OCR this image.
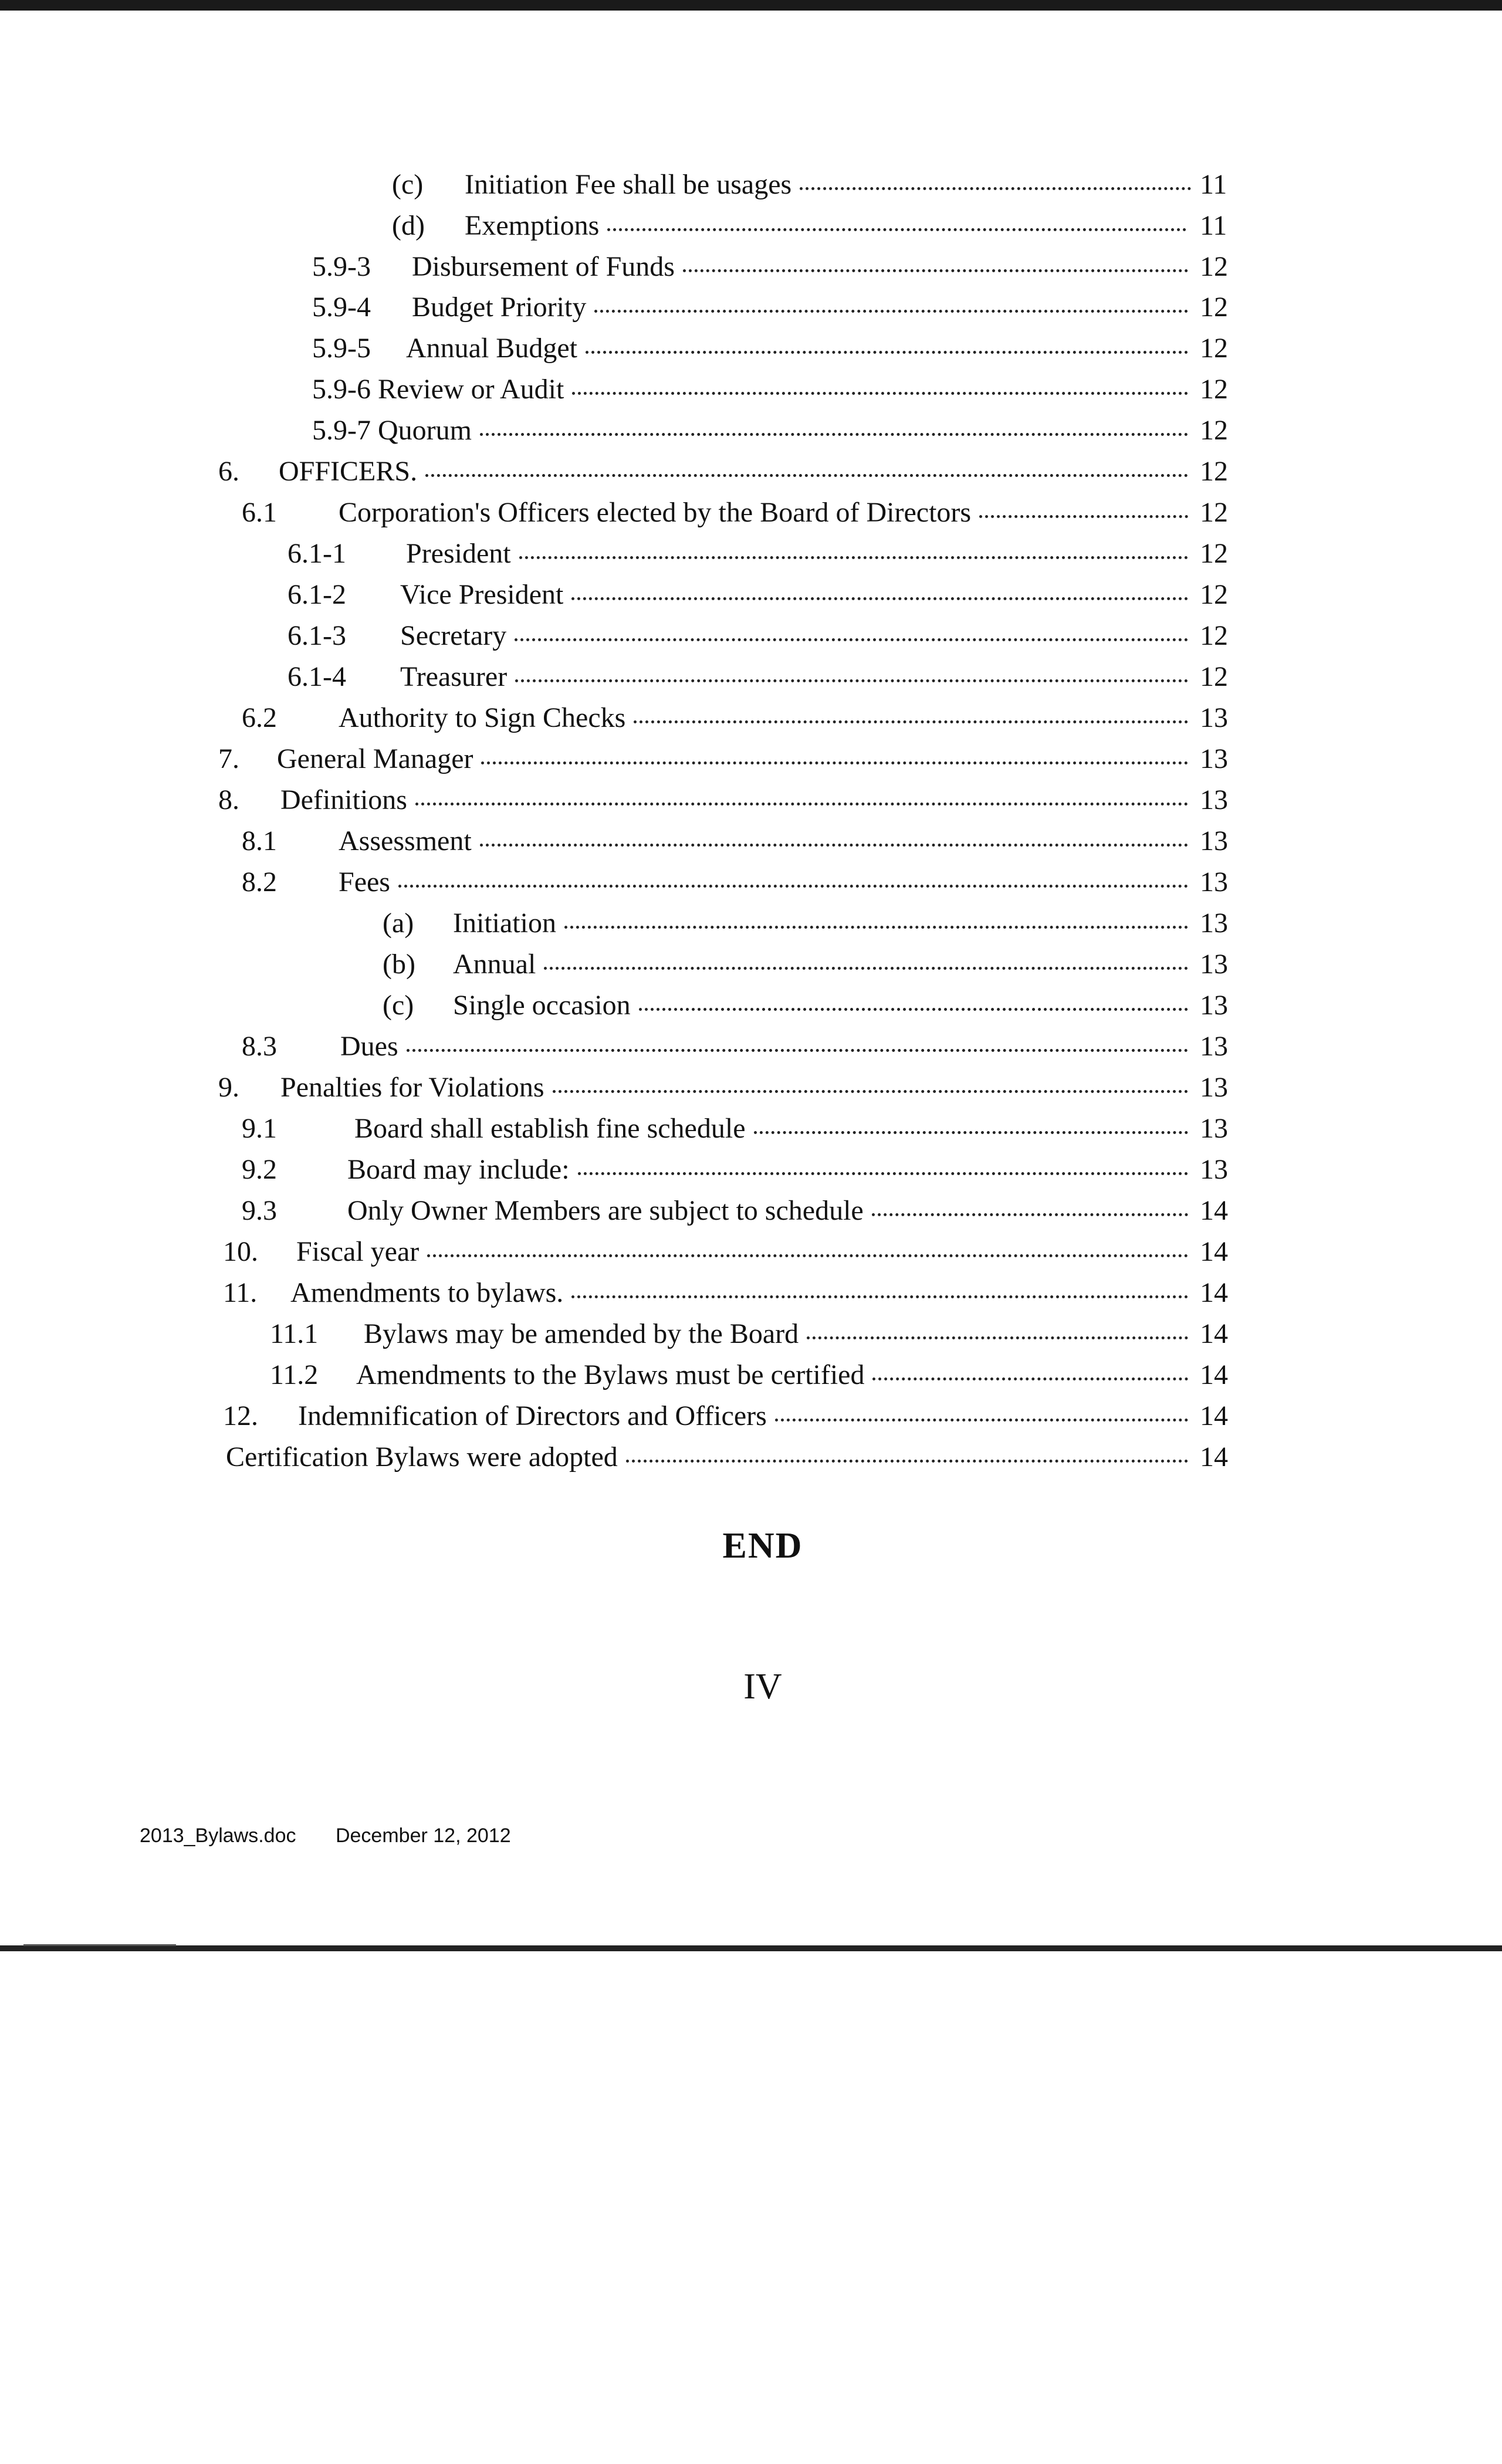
(c) Initiation Fee shall be usages	11
(d) Exemptions	11
5.9-3 Disbursement of Funds	12
5.9-4 Budget Priority	12
5.9-5 Annual Budget	12
5.9-6 Review or Audit	12
5.9-7 Quorum	12
6. OFFICERS.	12
6.1 Corporation's Officers elected by the Board of Directors	12
6.1-1 President	12
6.1-2 Vice President	12
6.1-3 Secretary	12
6.1-4 Treasurer	12
6.2 Authority to Sign Checks	13
7. General Manager	13
8. Definitions	13
8.1 Assessment	13
8.2 Fees	13
(a) Initiation	13
(b) Annual	13
(c) Single occasion	13
8.3 Dues	13
9. Penalties for Violations	13
9.1	Board shall establish fine schedule	13
9.2	Board may include:	13
9.3	Only Owner Members are subject to schedule	14
10. Fiscal year	14
11. Amendments to bylaws.	14
11.1 Bylaws may be amended by the Board	14
11.2 Amendments to the Bylaws must be certified	14
12. Indemnification of Directors and Officers	14
Certification Bylaws were adopted	14
END
IV
2013_Bylaws.doc December 12, 2012
